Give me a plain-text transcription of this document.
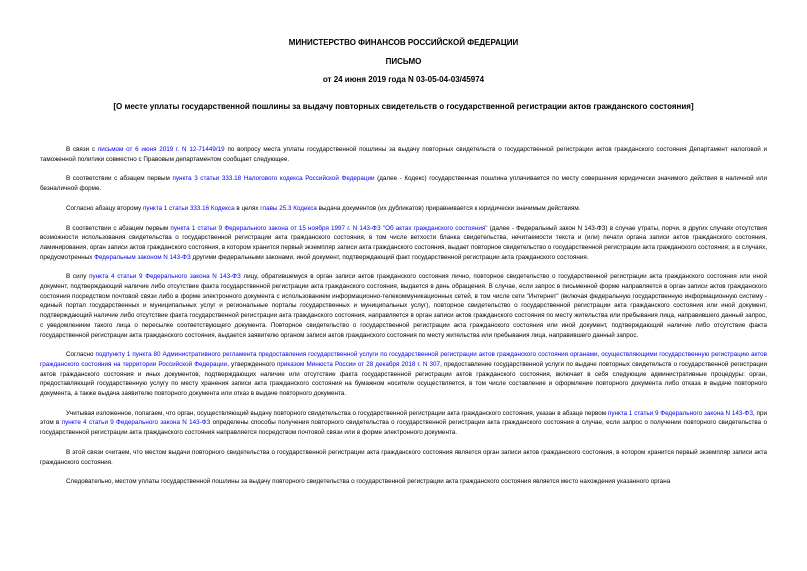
МИНИСТЕРСТВО ФИНАНСОВ РОССИЙСКОЙ ФЕДЕРАЦИИ
ПИСЬМО
от 24 июня 2019 года N 03-05-04-03/45974
[О месте уплаты государственной пошлины за выдачу повторных свидетельств о государственной регистрации актов гражданского состояния]

В связи с письмом от 6 июня 2019 г. N 12-71449/19 по вопросу места уплаты государственной пошлины за выдачу повторных свидетельств о государственной регистрации актов гражданского состояния Департамент налоговой и таможенной политики совместно с Правовым департаментом сообщает следующее.

В соответствии с абзацем первым пункта 3 статьи 333.18 Налогового кодекса Российской Федерации (далее - Кодекс) государственная пошлина уплачивается по месту совершения юридически значимого действия в наличной или безналичной форме.

Согласно абзацу второму пункта 1 статьи 333.16 Кодекса в целях главы 25.3 Кодекса выдача документов (их дубликатов) приравнивается к юридически значимым действиям.

В соответствии с абзацем первым пункта 1 статьи 9 Федерального закона от 15 ноября 1997 г. N 143-ФЗ "Об актах гражданского состояния" (далее - Федеральный закон N 143-ФЗ) в случае утраты, порчи, в других случаях отсутствия возможности использования свидетельства о государственной регистрации акта гражданского состояния, в том числе ветхости бланка свидетельства, нечитаемости текста и (или) печати органа записи актов гражданского состояния, ламинирования, орган записи актов гражданского состояния, в котором хранится первый экземпляр записи акта гражданского состояния, выдает повторное свидетельство о государственной регистрации акта гражданского состояния; а в случаях, предусмотренных Федеральным законом N 143-ФЗ другими федеральными законами, иной документ, подтверждающий факт государственной регистрации акта гражданского состояния.

В силу пункта 4 статьи 9 Федерального закона N 143-ФЗ лицу, обратившемуся в орган записи актов гражданского состояния лично, повторное свидетельство о государственной регистрации акта гражданского состояния или иной документ, подтверждающий наличие либо отсутствие факта государственной регистрации акта гражданского состояния, выдается в день обращения. В случае, если запрос в письменной форме направляется в орган записи актов гражданского состояния посредством почтовой связи либо в форме электронного документа с использованием информационно-телекоммуникационных сетей, в том числе сети "Интернет" (включая федеральную государственную информационную систему - единый портал государственных и муниципальных услуг и региональные порталы государственных и муниципальных услуг), повторное свидетельство о государственной регистрации акта гражданского состояния или иной документ, подтверждающий наличие либо отсутствие факта государственной регистрации акта гражданского состояния, направляется в орган записи актов гражданского состояния по месту жительства или пребывания лица, направившего данный запрос, с уведомлением такого лица о пересылке соответствующего документа. Повторное свидетельство о государственной регистрации акта гражданского состояния или иной документ, подтверждающий наличие либо отсутствие факта государственной регистрации акта гражданского состояния, выдается заявителю органом записи актов гражданского состояния по месту жительства или пребывания лица, направившего данный запрос.

Согласно подпункту 1 пункта 80 Административного регламента предоставления государственной услуги по государственной регистрации актов гражданского состояния органами, осуществляющими государственную регистрацию актов гражданского состояния на территории Российской Федерации, утвержденного приказом Минюста России от 28 декабря 2018 г. N 307, предоставление государственной услуги по выдаче повторных свидетельств о государственной регистрации актов гражданского состояния и иных документов, подтверждающих наличие или отсутствие факта государственной регистрации актов гражданского состояния, включает в себя следующие административные процедуры: орган, предоставляющий государственную услугу по месту хранения записи акта гражданского состояния на бумажном носителе осуществляется, в том числе составление и оформление повторного документа либо отказа в выдаче повторного документа, а также выдача заявителю повторного документа или отказ в выдаче повторного документа.

Учитывая изложенное, полагаем, что орган, осуществляющий выдачу повторного свидетельства о государственной регистрации акта гражданского состояния, указан в абзаце первом пункта 1 статьи 9 Федерального закона N 143-ФЗ, при этом в пункте 4 статьи 9 Федерального закона N 143-ФЗ определены способы получения повторного свидетельства о государственной регистрации акта гражданского состояния в случае, если запрос о получении повторного свидетельства о государственной регистрации акта гражданского состояния направляется посредством почтовой связи или в форме электронного документа.

В этой связи считаем, что местом выдачи повторного свидетельства о государственной регистрации акта гражданского состояния является орган записи актов гражданского состояния, в котором хранится первый экземпляр записи акта гражданского состояния.

Следовательно, местом уплаты государственной пошлины за выдачу повторного свидетельства о государственной регистрации акта гражданского состояния является место нахождения указанного органа
